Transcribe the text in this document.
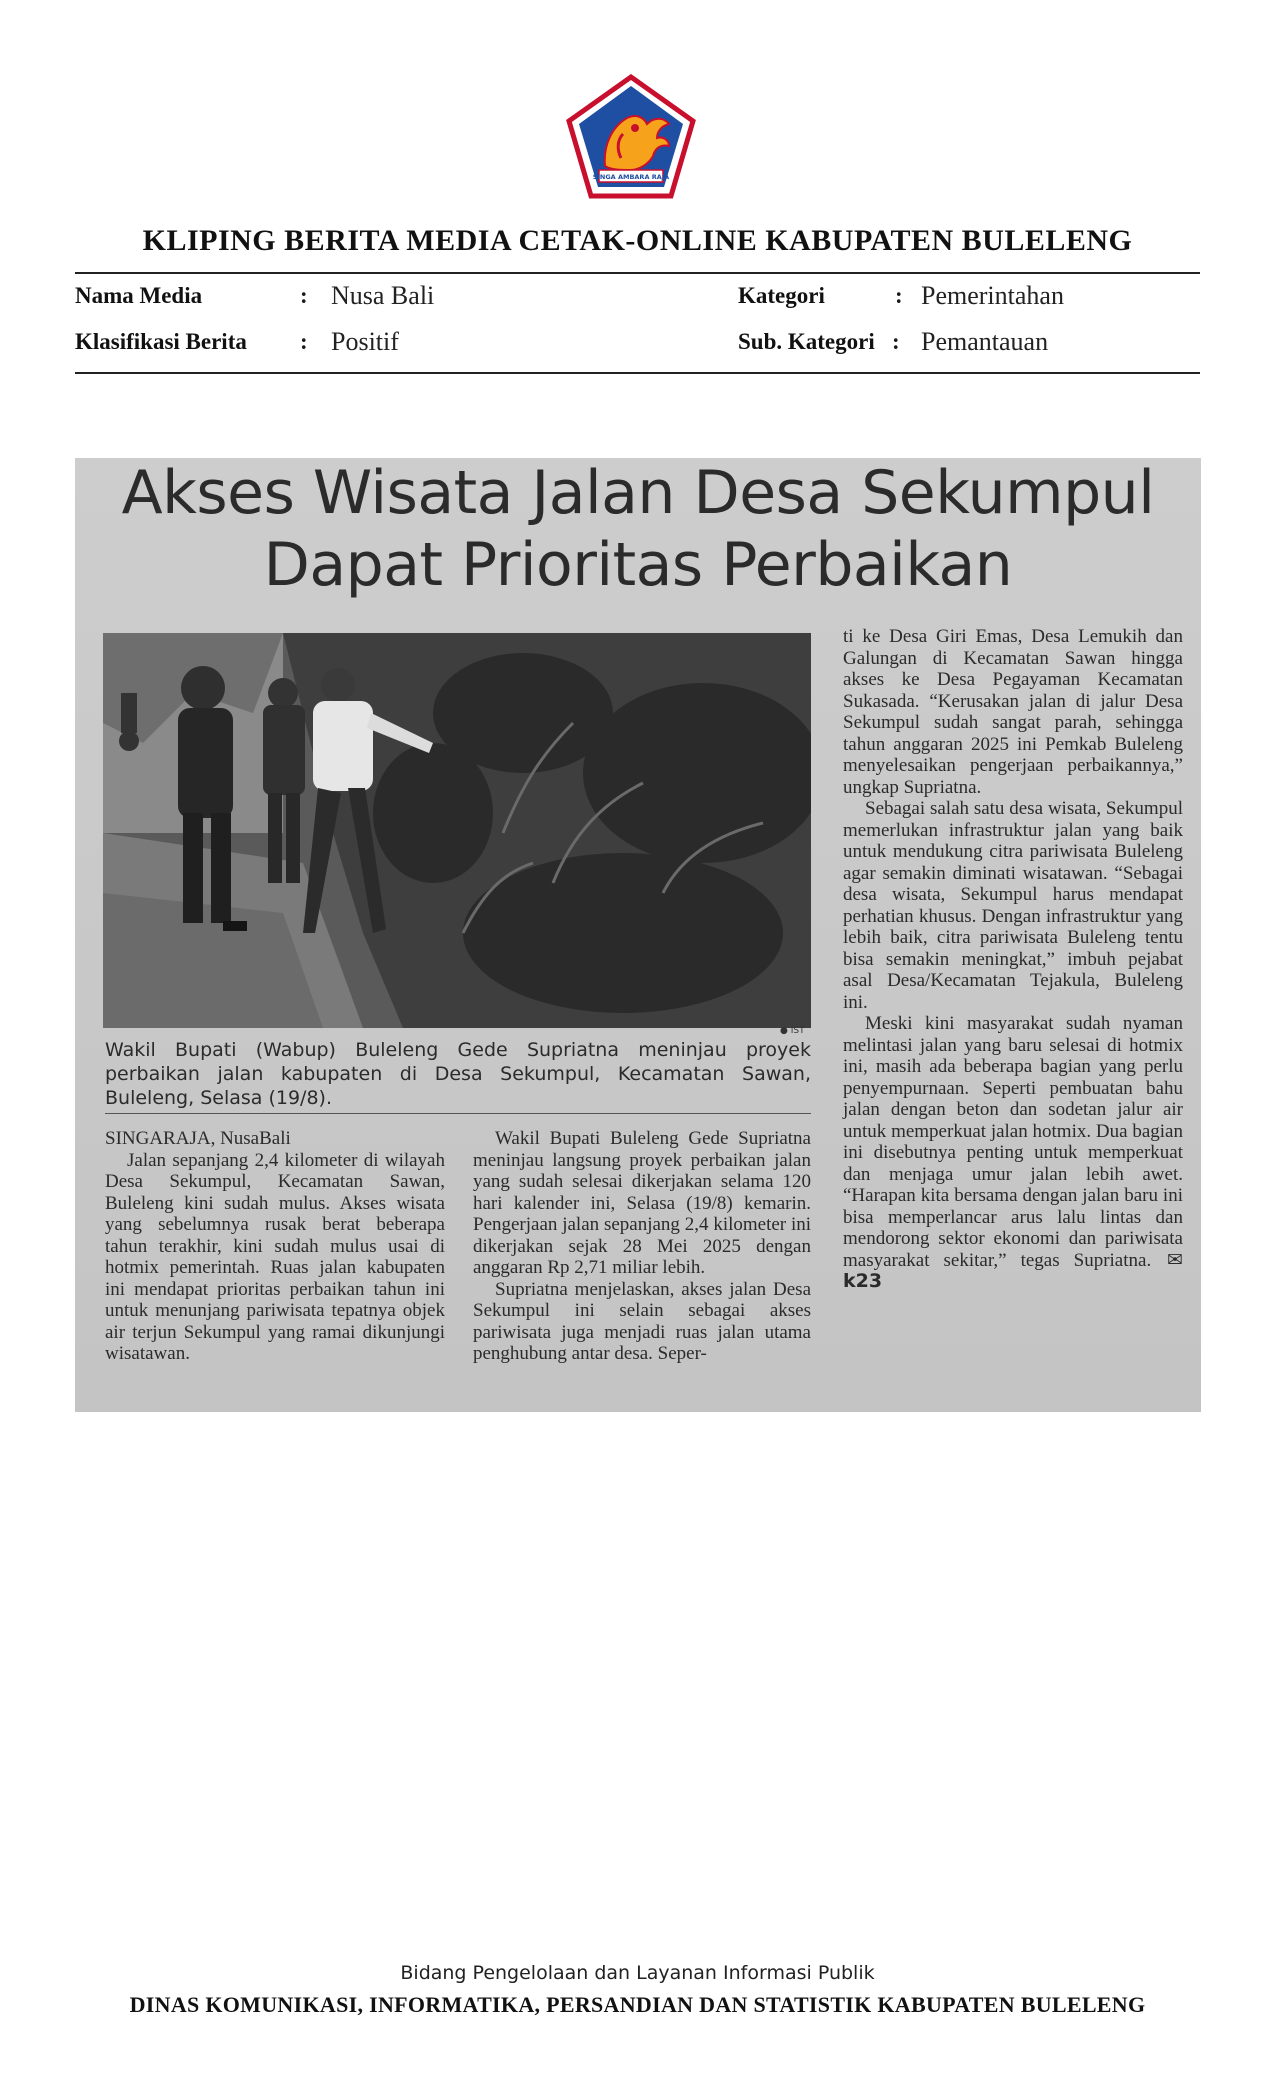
SINGA AMBARA RAJA
KLIPING BERITA MEDIA CETAK-ONLINE KABUPATEN BULELENG
Nama Media	: Nusa Bali	Kategori	: Pemerintahan
Klasifikasi Berita : Positif	Sub. Kategori : Pemantauan
Akses Wisata Jalan Desa Sekumpul
Dapat Prioritas Perbaikan
● IST
Wakil Bupati (Wabup) Buleleng Gede Supriatna meninjau proyek perbaikan jalan kabupaten di Desa Sekumpul, Kecamatan Sawan, Buleleng, Selasa (19/8).

SINGARAJA, NusaBali

Jalan sepanjang 2,4 kilometer di wilayah Desa Sekumpul, Kecamatan Sawan, Buleleng kini sudah mulus. Akses wisata yang sebelumnya rusak berat beberapa tahun terakhir, kini sudah mulus usai di hotmix pemerintah. Ruas jalan kabupaten ini mendapat prioritas perbaikan tahun ini untuk menunjang pariwisata tepatnya objek air terjun Sekumpul yang ramai dikunjungi wisatawan.

Wakil Bupati Buleleng Gede Supriatna meninjau langsung proyek perbaikan jalan yang sudah selesai dikerjakan selama 120 hari kalender ini, Selasa (19/8) kemarin. Pengerjaan jalan sepanjang 2,4 kilometer ini dikerjakan sejak 28 Mei 2025 dengan anggaran Rp 2,71 miliar lebih.

Supriatna menjelaskan, akses jalan Desa Sekumpul ini selain sebagai akses pariwisata juga menjadi ruas jalan utama penghubung antar desa. Seper-

ti ke Desa Giri Emas, Desa Lemukih dan Galungan di Kecamatan Sawan hingga akses ke Desa Pegayaman Kecamatan Sukasada. “Kerusakan jalan di jalur Desa Sekumpul sudah sangat parah, sehingga tahun anggaran 2025 ini Pemkab Buleleng menyelesaikan pengerjaan perbaikannya,” ungkap Supriatna.

Sebagai salah satu desa wisata, Sekumpul memerlukan infrastruktur jalan yang baik untuk mendukung citra pariwisata Buleleng agar semakin diminati wisatawan. “Sebagai desa wisata, Sekumpul harus mendapat perhatian khusus. Dengan infrastruktur yang lebih baik, citra pariwisata Buleleng tentu bisa semakin meningkat,” imbuh pejabat asal Desa/Kecamatan Tejakula, Buleleng ini.

Meski kini masyarakat sudah nyaman melintasi jalan yang baru selesai di hotmix ini, masih ada beberapa bagian yang perlu penyempurnaan. Seperti pembuatan bahu jalan dengan beton dan sodetan jalur air untuk memperkuat jalan hotmix. Dua bagian ini disebutnya penting untuk memperkuat dan menjaga umur jalan lebih awet. “Harapan kita bersama dengan jalan baru ini bisa memperlancar arus lalu lintas dan mendorong sektor ekonomi dan pariwisata masyarakat sekitar,” tegas Supriatna. ✉ k23

Bidang Pengelolaan dan Layanan Informasi Publik
DINAS KOMUNIKASI, INFORMATIKA, PERSANDIAN DAN STATISTIK KABUPATEN BULELENG
